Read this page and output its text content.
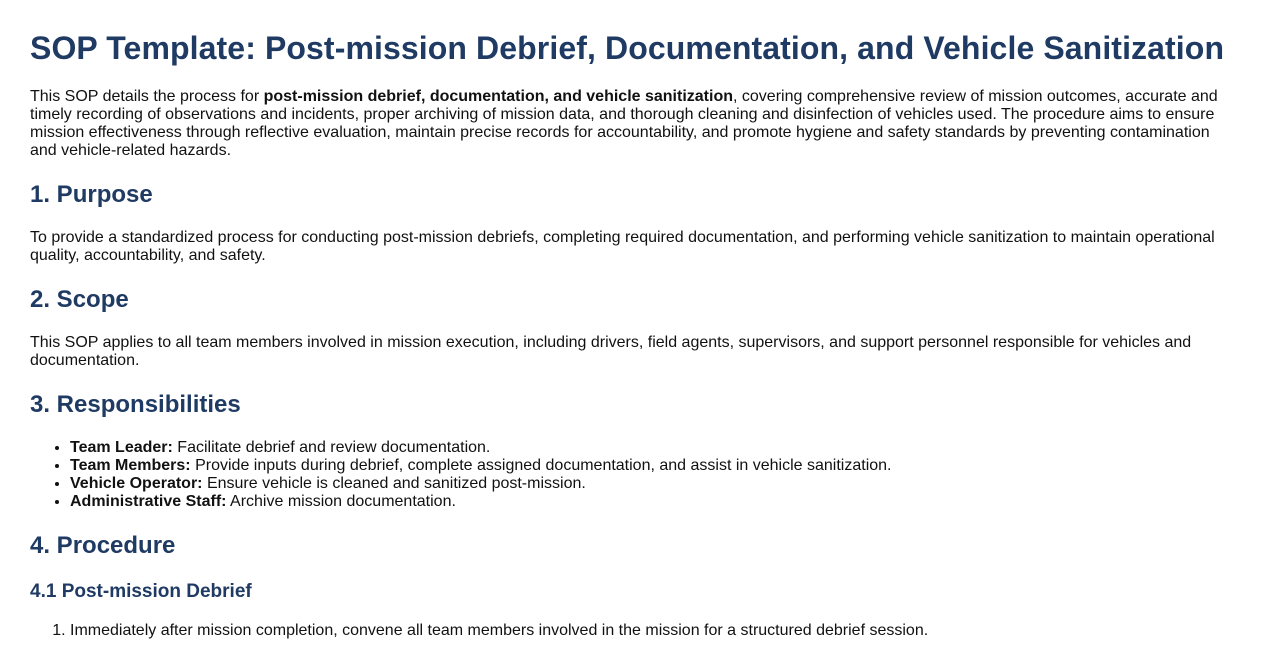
SOP Template: Post-mission Debrief, Documentation, and Vehicle Sanitization

This SOP details the process for post-mission debrief, documentation, and vehicle sanitization, covering comprehensive review of mission outcomes, accurate and timely recording of observations and incidents, proper archiving of mission data, and thorough cleaning and disinfection of vehicles used. The procedure aims to ensure mission effectiveness through reflective evaluation, maintain precise records for accountability, and promote hygiene and safety standards by preventing contamination and vehicle-related hazards.

1. Purpose

To provide a standardized process for conducting post-mission debriefs, completing required documentation, and performing vehicle sanitization to maintain operational quality, accountability, and safety.

2. Scope

This SOP applies to all team members involved in mission execution, including drivers, field agents, supervisors, and support personnel responsible for vehicles and documentation.

3. Responsibilities
• Team Leader: Facilitate debrief and review documentation.
• Team Members: Provide inputs during debrief, complete assigned documentation, and assist in vehicle sanitization.
• Vehicle Operator: Ensure vehicle is cleaned and sanitized post-mission.
• Administrative Staff: Archive mission documentation.
4. Procedure
4.1 Post-mission Debrief
1. Immediately after mission completion, convene all team members involved in the mission for a structured debrief session.
